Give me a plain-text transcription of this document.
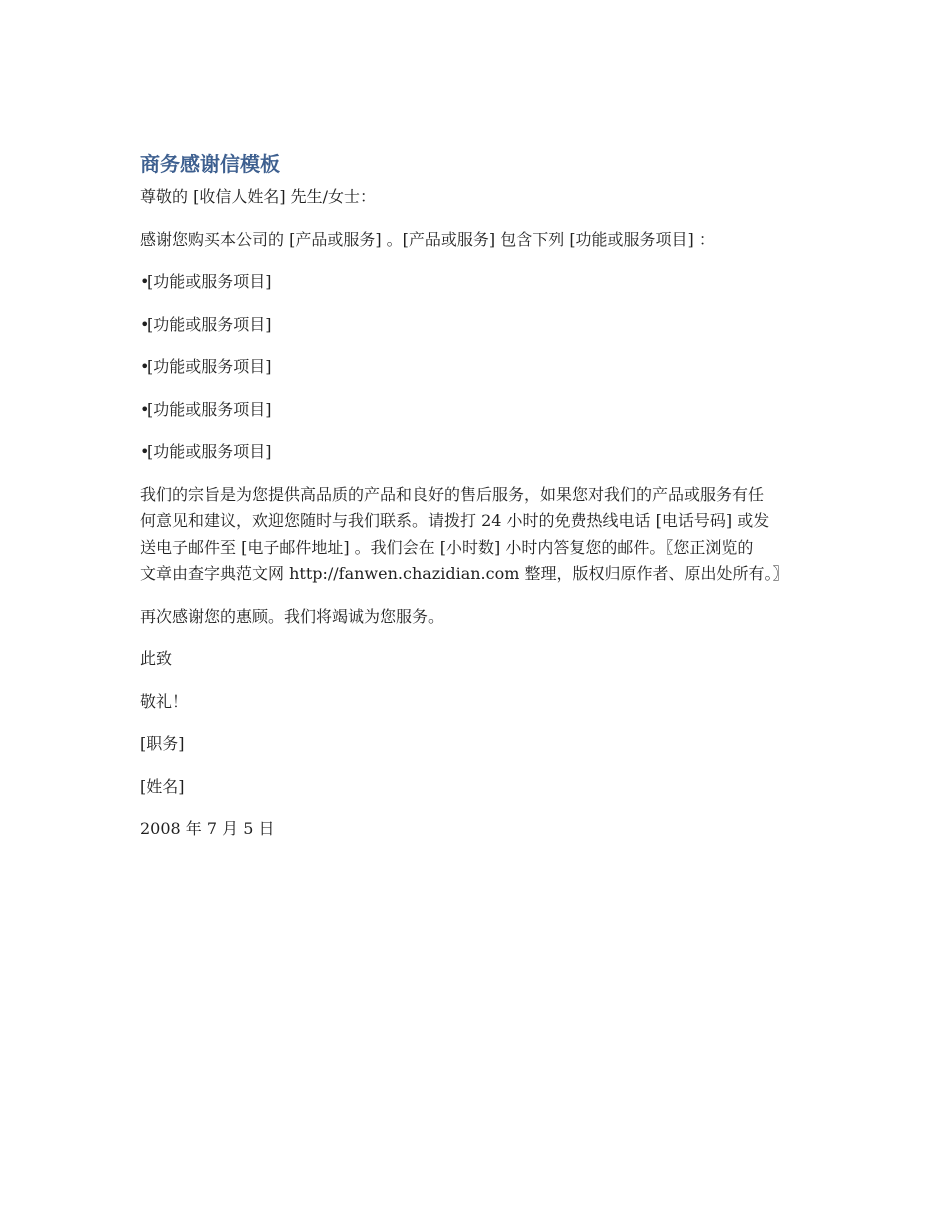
商务感谢信模板

尊敬的 [收信人姓名] 先生/女士：

感谢您购买本公司的 [产品或服务] 。[产品或服务] 包含下列 [功能或服务项目] ：

•[功能或服务项目]
•[功能或服务项目]
•[功能或服务项目]
•[功能或服务项目]
•[功能或服务项目]
我们的宗旨是为您提供高品质的产品和良好的售后服务，如果您对我们的产品或服务有任
何意见和建议，欢迎您随时与我们联系。请拨打 24 小时的免费热线电话 [电话号码] 或发
送电子邮件至 [电子邮件地址] 。我们会在 [小时数] 小时内答复您的邮件。〖您正浏览的
文章由查字典范文网 http://fanwen.chazidian.com 整理，版权归原作者、原出处所有。〗

再次感谢您的惠顾。我们将竭诚为您服务。

此致

敬礼！

[职务]

[姓名]

2008 年 7 月 5 日
